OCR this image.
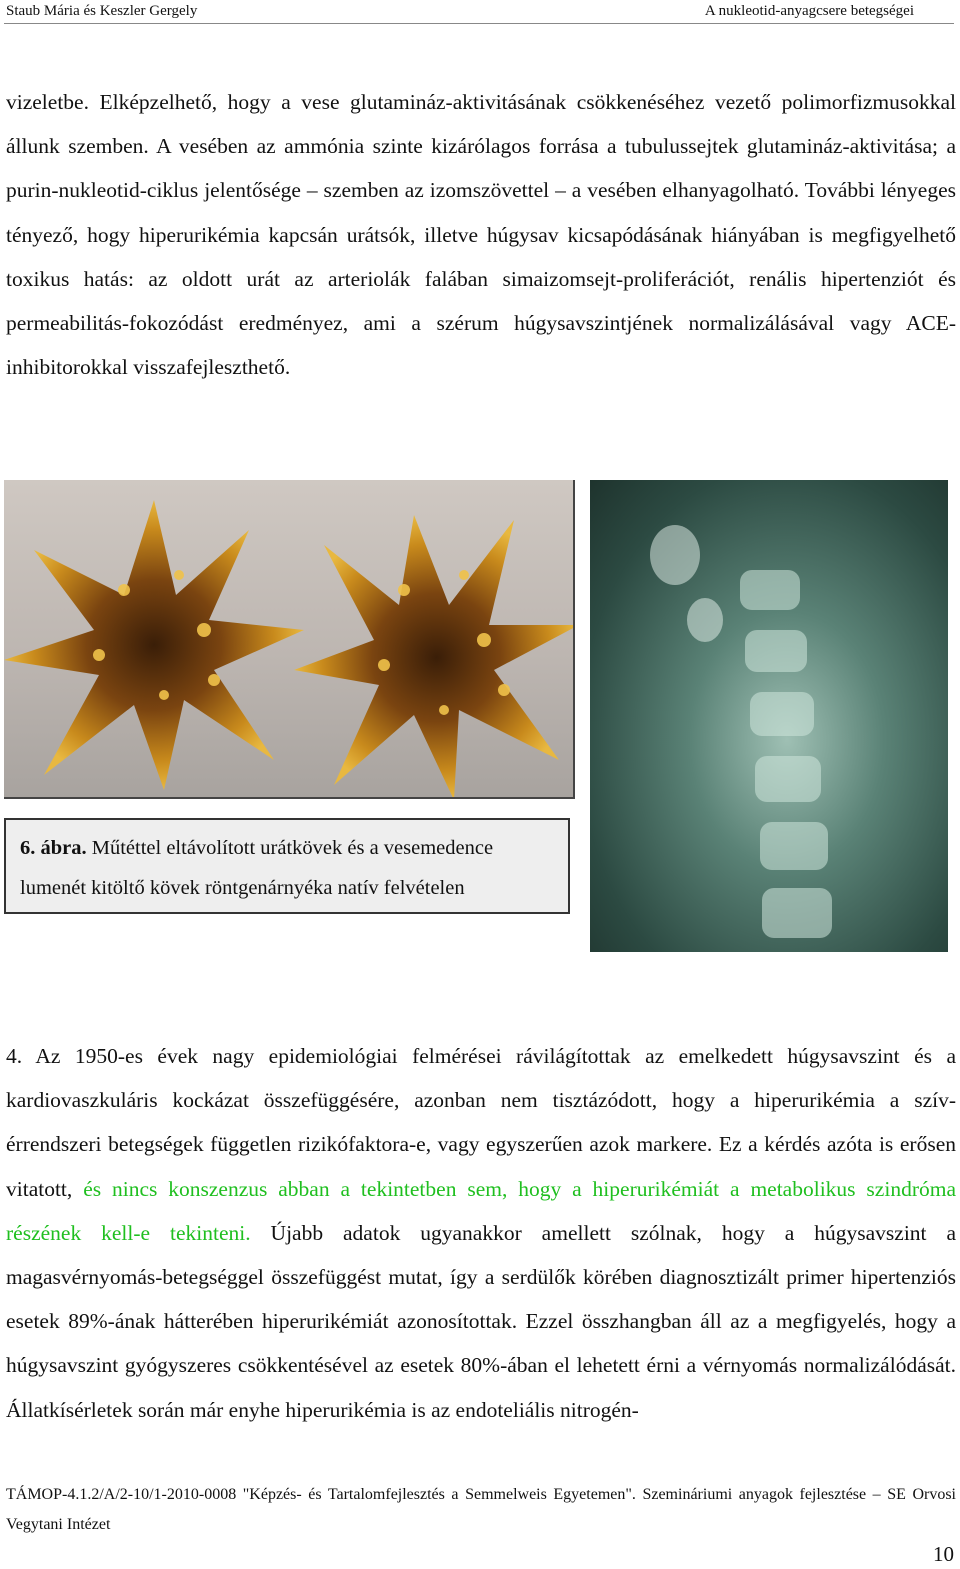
Staub Mária és Keszler Gergely	A nukleotid-anyagcsere betegségei

vizeletbe. Elképzelhető, hogy a vese glutamináz-aktivitásának csökkenéséhez vezető polimorfizmusokkal állunk szemben. A vesében az ammónia szinte kizárólagos forrása a tubulussejtek glutamináz-aktivitása; a purin-nukleotid-ciklus jelentősége – szemben az izomszövettel – a vesében elhanyagolható. További lényeges tényező, hogy hiperurikémia kapcsán urátsók, illetve húgysav kicsapódásának hiányában is megfigyelhető toxikus hatás: az oldott urát az arteriolák falában simaizomsejt-proliferációt, renális hipertenziót és permeabilitás-fokozódást eredményez, ami a szérum húgysavszintjének normalizálásával vagy ACE-inhibitorokkal visszafejleszthető.

6. ábra. Műtéttel eltávolított urátkövek és a vesemedence lumenét kitöltő kövek röntgenárnyéka natív felvételen

4. Az 1950-es évek nagy epidemiológiai felmérései rávilágítottak az emelkedett húgysavszint és a kardiovaszkuláris kockázat összefüggésére, azonban nem tisztázódott, hogy a hiperurikémia a szív-érrendszeri betegségek független rizikófaktora-e, vagy egyszerűen azok markere. Ez a kérdés azóta is erősen vitatott, és nincs konszenzus abban a tekintetben sem, hogy a hiperurikémiát a metabolikus szindróma részének kell-e tekinteni. Újabb adatok ugyanakkor amellett szólnak, hogy a húgysavszint a magasvérnyomás-betegséggel összefüggést mutat, így a serdülők körében diagnosztizált primer hipertenziós esetek 89%-ának hátterében hiperurikémiát azonosítottak. Ezzel összhangban áll az a megfigyelés, hogy a húgysavszint gyógyszeres csökkentésével az esetek 80%-ában el lehetett érni a vérnyomás normalizálódását. Állatkísérletek során már enyhe hiperurikémia is az endoteliális nitrogén-

TÁMOP-4.1.2/A/2-10/1-2010-0008 "Képzés- és Tartalomfejlesztés a Semmelweis Egyetemen". Szemináriumi anyagok fejlesztése – SE Orvosi Vegytani Intézet
10
